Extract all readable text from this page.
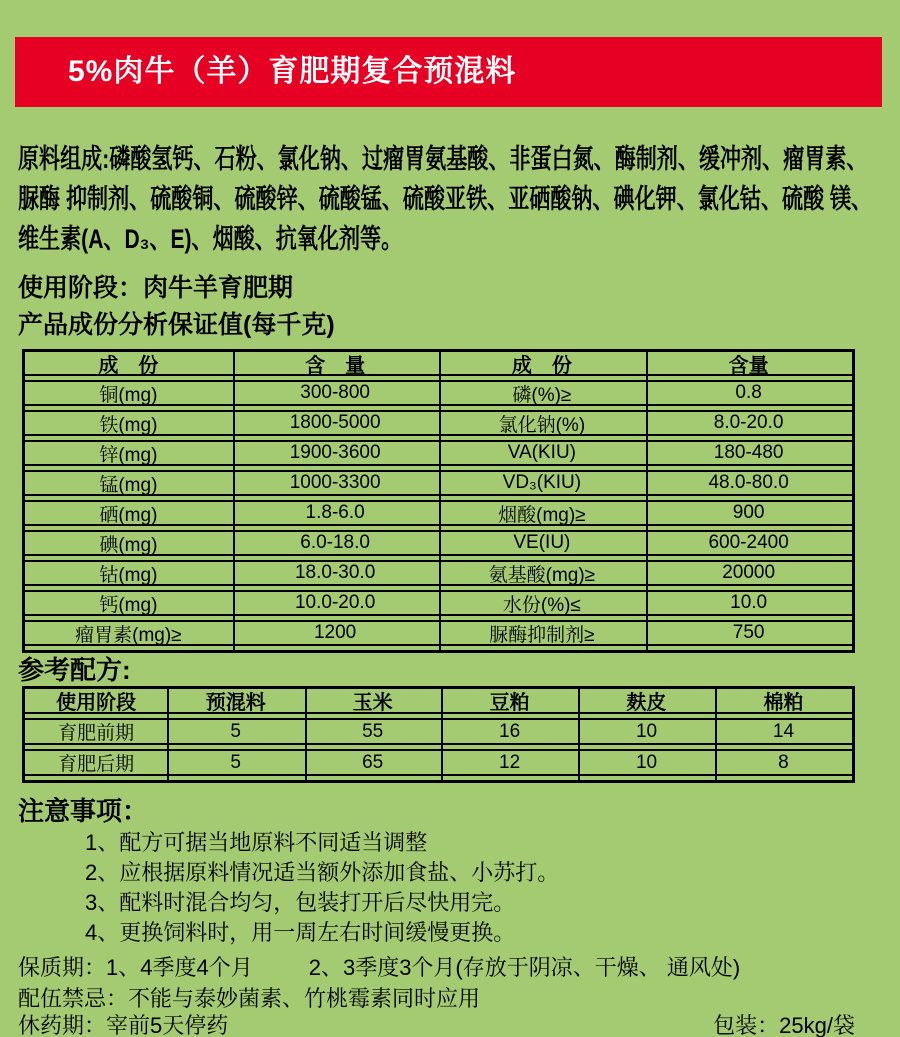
5%肉牛（羊）育肥期复合预混料
原料组成:磷酸氢钙、石粉、氯化钠、过瘤胃氨基酸、非蛋白氮、酶制剂、缓冲剂、瘤胃素、
脲酶 抑制剂、硫酸铜、硫酸锌、硫酸锰、硫酸亚铁、亚硒酸钠、碘化钾、氯化钴、硫酸 镁、
维生素(A、D₃、E)、烟酸、抗氧化剂等。
使用阶段：肉牛羊育肥期
产品成份分析保证值(每千克)
成　份	含　量	成　份	含量
铜(mg)	300-800	磷(%)≥	0.8
铁(mg)	1800-5000	氯化钠(%)	8.0-20.0
锌(mg)	1900-3600	VA(KIU)	180-480
锰(mg)	1000-3300	VD₃(KIU)	48.0-80.0
硒(mg)	1.8-6.0	烟酸(mg)≥	900
碘(mg)	6.0-18.0	VE(IU)	600-2400
钴(mg)	18.0-30.0	氨基酸(mg)≥	20000
钙(mg)	10.0-20.0	水份(%)≤	10.0
瘤胃素(mg)≥	1200	脲酶抑制剂≥	750
参考配方:
使用阶段	预混料	玉米	豆粕	麸皮	棉粕
育肥前期	5	55	16	10	14
育肥后期	5	65	12	10	8
注意事项：
1、配方可据当地原料不同适当调整
2、应根据原料情况适当额外添加食盐、小苏打。
3、配料时混合均匀，包装打开后尽快用完。
4、更换饲料时，用一周左右时间缓慢更换。
保质期：1、4季度4个月	2、3季度3个月(存放于阴凉、干燥、 通风处)
配伍禁忌：不能与泰妙菌素、竹桃霉素同时应用
休药期：宰前5天停药	包装：25kg/袋
